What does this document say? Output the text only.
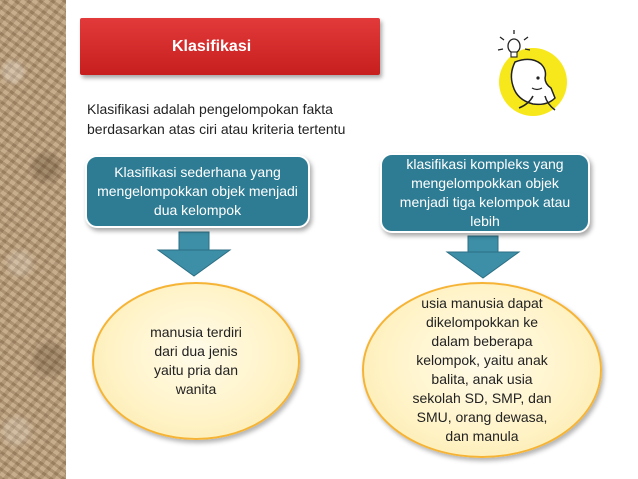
Klasifikasi
Klasifikasi adalah pengelompokan fakta berdasarkan atas ciri atau kriteria tertentu
Klasifikasi sederhana yang mengelompokkan objek menjadi dua kelompok
klasifikasi kompleks yang mengelompokkan objek menjadi tiga kelompok atau lebih
manusia terdiri dari dua jenis yaitu pria dan wanita
usia manusia dapat dikelompokkan ke dalam beberapa kelompok, yaitu anak balita, anak usia sekolah SD, SMP, dan SMU, orang dewasa, dan manula
